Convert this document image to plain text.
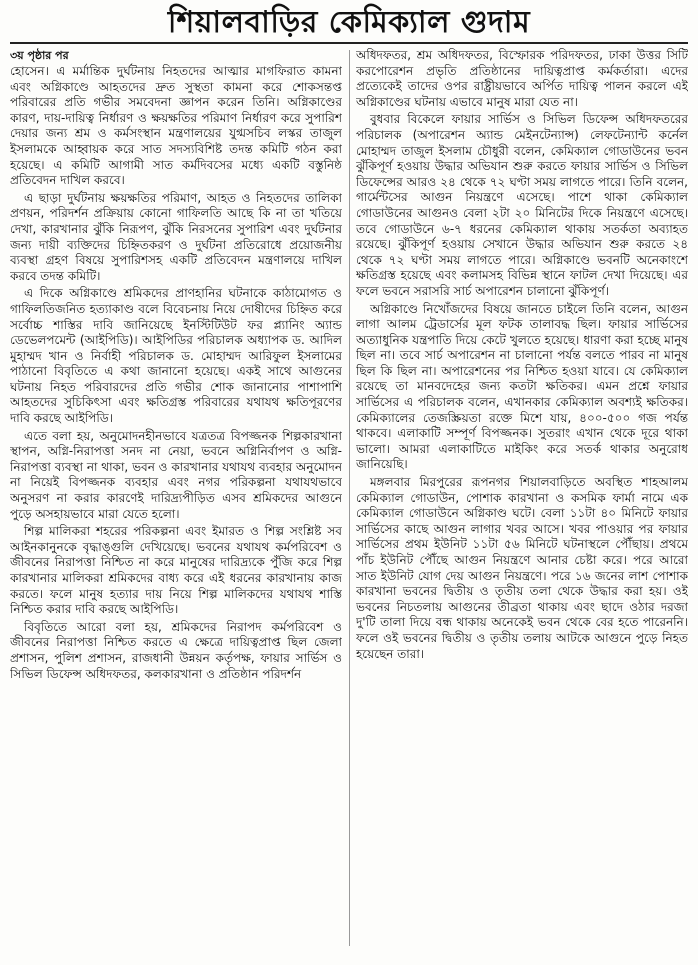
শিয়ালবাড়ির কেমিক্যাল গুদাম
৩য় পৃষ্ঠার পর

হোসেন। এ মর্মান্তিক দুর্ঘটনায় নিহতদের আত্মার মাগফিরাত কামনা এবং অগ্নিকাণ্ডে আহতদের দ্রুত সুস্থতা কামনা করে শোকসন্তপ্ত পরিবারের প্রতি গভীর সমবেদনা জ্ঞাপন করেন তিনি। অগ্নিকাণ্ডের কারণ, দায়-দায়িত্ব নির্ধারণ ও ক্ষয়ক্ষতির পরিমাণ নির্ধারণ করে সুপারিশ দেয়ার জন্য শ্রম ও কর্মসংস্থান মন্ত্রণালয়ের যুগ্মসচিব লস্কর তাজুল ইসলামকে আহ্বায়ক করে সাত সদস্যবিশিষ্ট তদন্ত কমিটি গঠন করা হয়েছে। এ কমিটি আগামী সাত কর্মদিবসের মধ্যে একটি বস্তুনিষ্ঠ প্রতিবেদন দাখিল করবে।

এ ছাড়া দুর্ঘটনায় ক্ষয়ক্ষতির পরিমাণ, আহত ও নিহতদের তালিকা প্রণয়ন, পরিদর্শন প্রক্রিয়ায় কোনো গাফিলতি আছে কি না তা খতিয়ে দেখা, কারখানার ঝুঁকি নিরূপণ, ঝুঁকি নিরসনের সুপারিশ এবং দুর্ঘটনার জন্য দায়ী ব্যক্তিদের চিহ্নিতকরণ ও দুর্ঘটনা প্রতিরোধে প্রয়োজনীয় ব্যবস্থা গ্রহণ বিষয়ে সুপারিশসহ একটি প্রতিবেদন মন্ত্রণালয়ে দাখিল করবে তদন্ত কমিটি।

এ দিকে অগ্নিকাণ্ডে শ্রমিকদের প্রাণহানির ঘটনাকে কাঠামোগত ও গাফিলতিজনিত হত্যাকাণ্ড বলে বিবেচনায় নিয়ে দোষীদের চিহ্নিত করে সর্বোচ্চ শাস্তির দাবি জানিয়েছে ইনস্টিটিউট ফর প্ল্যানিং অ্যান্ড ডেভেলপমেন্ট (আইপিডি)। আইপিডির পরিচালক অধ্যাপক ড. আদিল মুহাম্মদ খান ও নির্বাহী পরিচালক ড. মোহাম্মদ আরিফুল ইসলামের পাঠানো বিবৃতিতে এ কথা জানানো হয়েছে। একই সাথে আগুনের ঘটনায় নিহত পরিবারদের প্রতি গভীর শোক জানানোর পাশাপাশি আহতদের সুচিকিৎসা এবং ক্ষতিগ্রস্ত পরিবারের যথাযথ ক্ষতিপূরণের দাবি করছে আইপিডি।

এতে বলা হয়, অনুমোদনহীনভাবে যত্রতত্র বিপজ্জনক শিল্পকারখানা স্থাপন, অগ্নি-নিরাপত্তা সনদ না নেয়া, ভবনে অগ্নিনির্বাপণ ও অগ্নি-নিরাপত্তা ব্যবস্থা না থাকা, ভবন ও কারখানার যথাযথ ব্যবহার অনুমোদন না নিয়েই বিপজ্জনক ব্যবহার এবং নগর পরিকল্পনা যথাযথভাবে অনুসরণ না করার কারণেই দারিদ্র্যপীড়িত এসব শ্রমিকদের আগুনে পুড়ে অসহায়ভাবে মারা যেতে হলো।

শিল্প মালিকরা শহরের পরিকল্পনা এবং ইমারত ও শিল্প সংশ্লিষ্ট সব আইনকানুনকে বৃদ্ধাঙ্গুলি দেখিয়েছে। ভবনের যথাযথ কর্মপরিবেশ ও জীবনের নিরাপত্তা নিশ্চিত না করে মানুষের দারিদ্র্যকে পুঁজি করে শিল্প কারখানার মালিকরা শ্রমিকদের বাধ্য করে এই ধরনের কারখানায় কাজ করতে। ফলে মানুষ হত্যার দায় নিয়ে শিল্প মালিকদের যথাযথ শাস্তি নিশ্চিত করার দাবি করছে আইপিডি।

বিবৃতিতে আরো বলা হয়, শ্রমিকদের নিরাপদ কর্মপরিবেশ ও জীবনের নিরাপত্তা নিশ্চিত করতে এ ক্ষেত্রে দায়িত্বপ্রাপ্ত ছিল জেলা প্রশাসন, পুলিশ প্রশাসন, রাজধানী উন্নয়ন কর্তৃপক্ষ, ফায়ার সার্ভিস ও সিভিল ডিফেন্স অধিদফতর, কলকারখানা ও প্রতিষ্ঠান পরিদর্শন

অধিদফতর, শ্রম অধিদফতর, বিস্ফোরক পরিদফতর, ঢাকা উত্তর সিটি করপোরেশন প্রভৃতি প্রতিষ্ঠানের দায়িত্বপ্রাপ্ত কর্মকর্তারা। এদের প্রত্যেকেই তাদের ওপর রাষ্ট্রীয়ভাবে অর্পিত দায়িত্ব পালন করলে এই অগ্নিকাণ্ডের ঘটনায় এভাবে মানুষ মারা যেত না।

বুধবার বিকেলে ফায়ার সার্ভিস ও সিভিল ডিফেন্স অধিদফতরের পরিচালক (অপারেশন অ্যান্ড মেইনটেন্যান্স) লেফটেন্যান্ট কর্নেল মোহাম্মদ তাজুল ইসলাম চৌধুরী বলেন, কেমিক্যাল গোডাউনের ভবন ঝুঁকিপূর্ণ হওয়ায় উদ্ধার অভিযান শুরু করতে ফায়ার সার্ভিস ও সিভিল ডিফেন্সের আরও ২৪ থেকে ৭২ ঘণ্টা সময় লাগতে পারে। তিনি বলেন, গার্মেন্টসের আগুন নিয়ন্ত্রণে এসেছে। পাশে থাকা কেমিক্যাল গোডাউনের আগুনও বেলা ২টা ২০ মিনিটের দিকে নিয়ন্ত্রণে এসেছে। তবে গোডাউনে ৬-৭ ধরনের কেমিক্যাল থাকায় সতর্কতা অব্যাহত রয়েছে। ঝুঁকিপূর্ণ হওয়ায় সেখানে উদ্ধার অভিযান শুরু করতে ২৪ থেকে ৭২ ঘণ্টা সময় লাগতে পারে। অগ্নিকাণ্ডে ভবনটি অনেকাংশে ক্ষতিগ্রস্ত হয়েছে এবং কলামসহ বিভিন্ন স্থানে ফাটল দেখা দিয়েছে। এর ফলে ভবনে সরাসরি সার্চ অপারেশন চালানো ঝুঁকিপূর্ণ।

অগ্নিকাণ্ডে নিখোঁজদের বিষয়ে জানতে চাইলে তিনি বলেন, আগুন লাগা আলম ট্রেডার্সের মূল ফটক তালাবদ্ধ ছিল। ফায়ার সার্ভিসের অত্যাধুনিক যন্ত্রপাতি দিয়ে কেটে খুলতে হয়েছে। ধারণা করা হচ্ছে মানুষ ছিল না। তবে সার্চ অপারেশন না চালানো পর্যন্ত বলতে পারব না মানুষ ছিল কি ছিল না। অপারেশনের পর নিশ্চিত হওয়া যাবে। যে কেমিক্যাল রয়েছে তা মানবদেহের জন্য কতটা ক্ষতিকর। এমন প্রশ্নে ফায়ার সার্ভিসের এ পরিচালক বলেন, এখানকার কেমিক্যাল অবশ্যই ক্ষতিকর। কেমিক্যালের তেজস্ক্রিয়তা রক্তে মিশে যায়, ৪০০-৫০০ গজ পর্যন্ত থাকবে। এলাকাটি সম্পূর্ণ বিপজ্জনক। সুতরাং এখান থেকে দূরে থাকা ভালো। আমরা এলাকাটিতে মাইকিং করে সতর্ক থাকার অনুরোধ জানিয়েছি।

মঙ্গলবার মিরপুরের রূপনগর শিয়ালবাড়িতে অবস্থিত শাহআলম কেমিক্যাল গোডাউন, পোশাক কারখানা ও কসমিক ফার্মা নামে এক কেমিক্যাল গোডাউনে অগ্নিকাণ্ড ঘটে। বেলা ১১টা ৪০ মিনিটে ফায়ার সার্ভিসের কাছে আগুন লাগার খবর আসে। খবর পাওয়ার পর ফায়ার সার্ভিসের প্রথম ইউনিট ১১টা ৫৬ মিনিটে ঘটনাস্থলে পৌঁছায়। প্রথমে পাঁচ ইউনিট পৌঁছে আগুন নিয়ন্ত্রণে আনার চেষ্টা করে। পরে আরো সাত ইউনিট যোগ দেয় আগুন নিয়ন্ত্রণে। পরে ১৬ জনের লাশ পোশাক কারখানা ভবনের দ্বিতীয় ও তৃতীয় তলা থেকে উদ্ধার করা হয়। ওই ভবনের নিচতলায় আগুনের তীব্রতা থাকায় এবং ছাদে ওঠার দরজা দু'টি তালা দিয়ে বন্ধ থাকায় অনেকেই ভবন থেকে বের হতে পারেননি। ফলে ওই ভবনের দ্বিতীয় ও তৃতীয় তলায় আটকে আগুনে পুড়ে নিহত হয়েছেন তারা।
